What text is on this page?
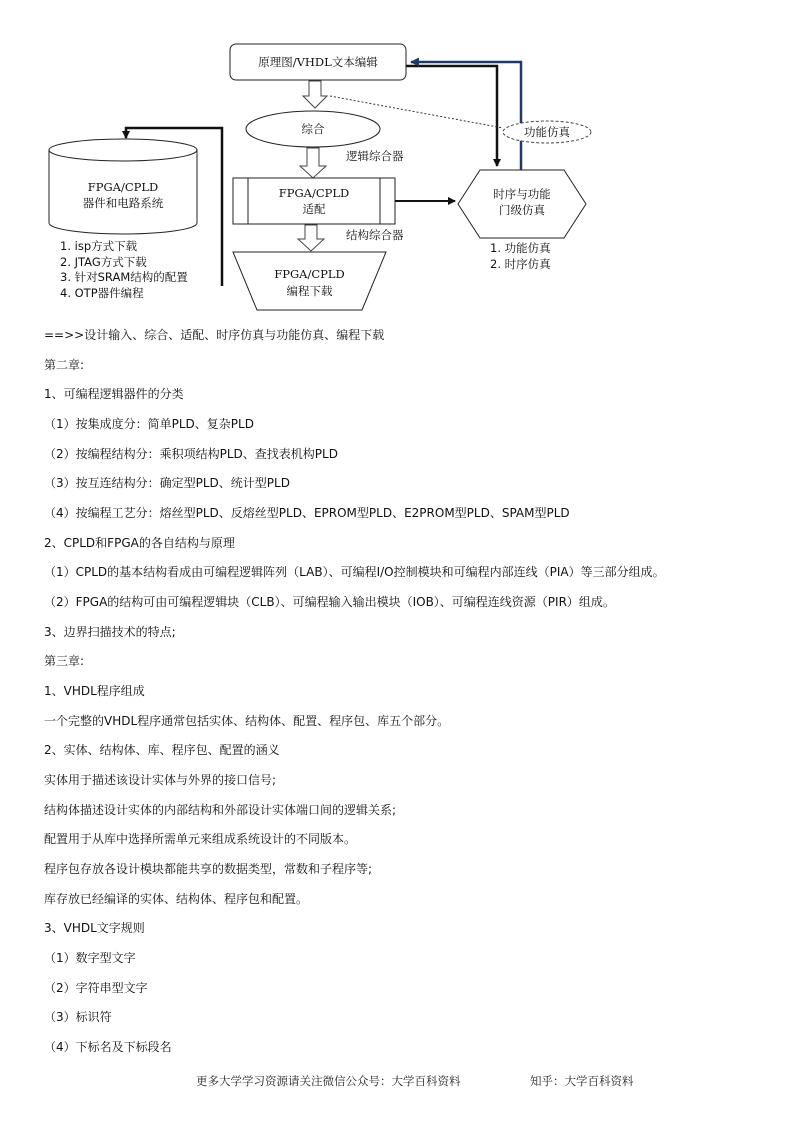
原理图/VHDL文本编辑
综合
逻辑综合器
FPGA/CPLD
适配
结构综合器
FPGA/CPLD
编程下载
FPGA/CPLD
器件和电路系统
1. isp方式下载
2. JTAG方式下载
3. 针对SRAM结构的配置
4. OTP器件编程
功能仿真
时序与功能
门级仿真
1. 功能仿真
2. 时序仿真
==>>设计输入、综合、适配、时序仿真与功能仿真、编程下载
第二章:
1、可编程逻辑器件的分类
（1）按集成度分：简单PLD、复杂PLD
（2）按编程结构分：乘积项结构PLD、查找表机构PLD
（3）按互连结构分：确定型PLD、统计型PLD
（4）按编程工艺分：熔丝型PLD、反熔丝型PLD、EPROM型PLD、E2PROM型PLD、SPAM型PLD
2、CPLD和FPGA的各自结构与原理
（1）CPLD的基本结构看成由可编程逻辑阵列（LAB）、可编程I/O控制模块和可编程内部连线（PIA）等三部分组成。
（2）FPGA的结构可由可编程逻辑块（CLB）、可编程输入输出模块（IOB）、可编程连线资源（PIR）组成。
3、边界扫描技术的特点;
第三章:
1、VHDL程序组成
一个完整的VHDL程序通常包括实体、结构体、配置、程序包、库五个部分。
2、实体、结构体、库、程序包、配置的涵义
实体用于描述该设计实体与外界的接口信号;
结构体描述设计实体的内部结构和外部设计实体端口间的逻辑关系;
配置用于从库中选择所需单元来组成系统设计的不同版本。
程序包存放各设计模块都能共享的数据类型，常数和子程序等;
库存放已经编译的实体、结构体、程序包和配置。
3、VHDL文字规则
（1）数字型文字
（2）字符串型文字
（3）标识符
（4）下标名及下标段名
更多大学学习资源请关注微信公众号：大学百科资料	知乎：大学百科资料
